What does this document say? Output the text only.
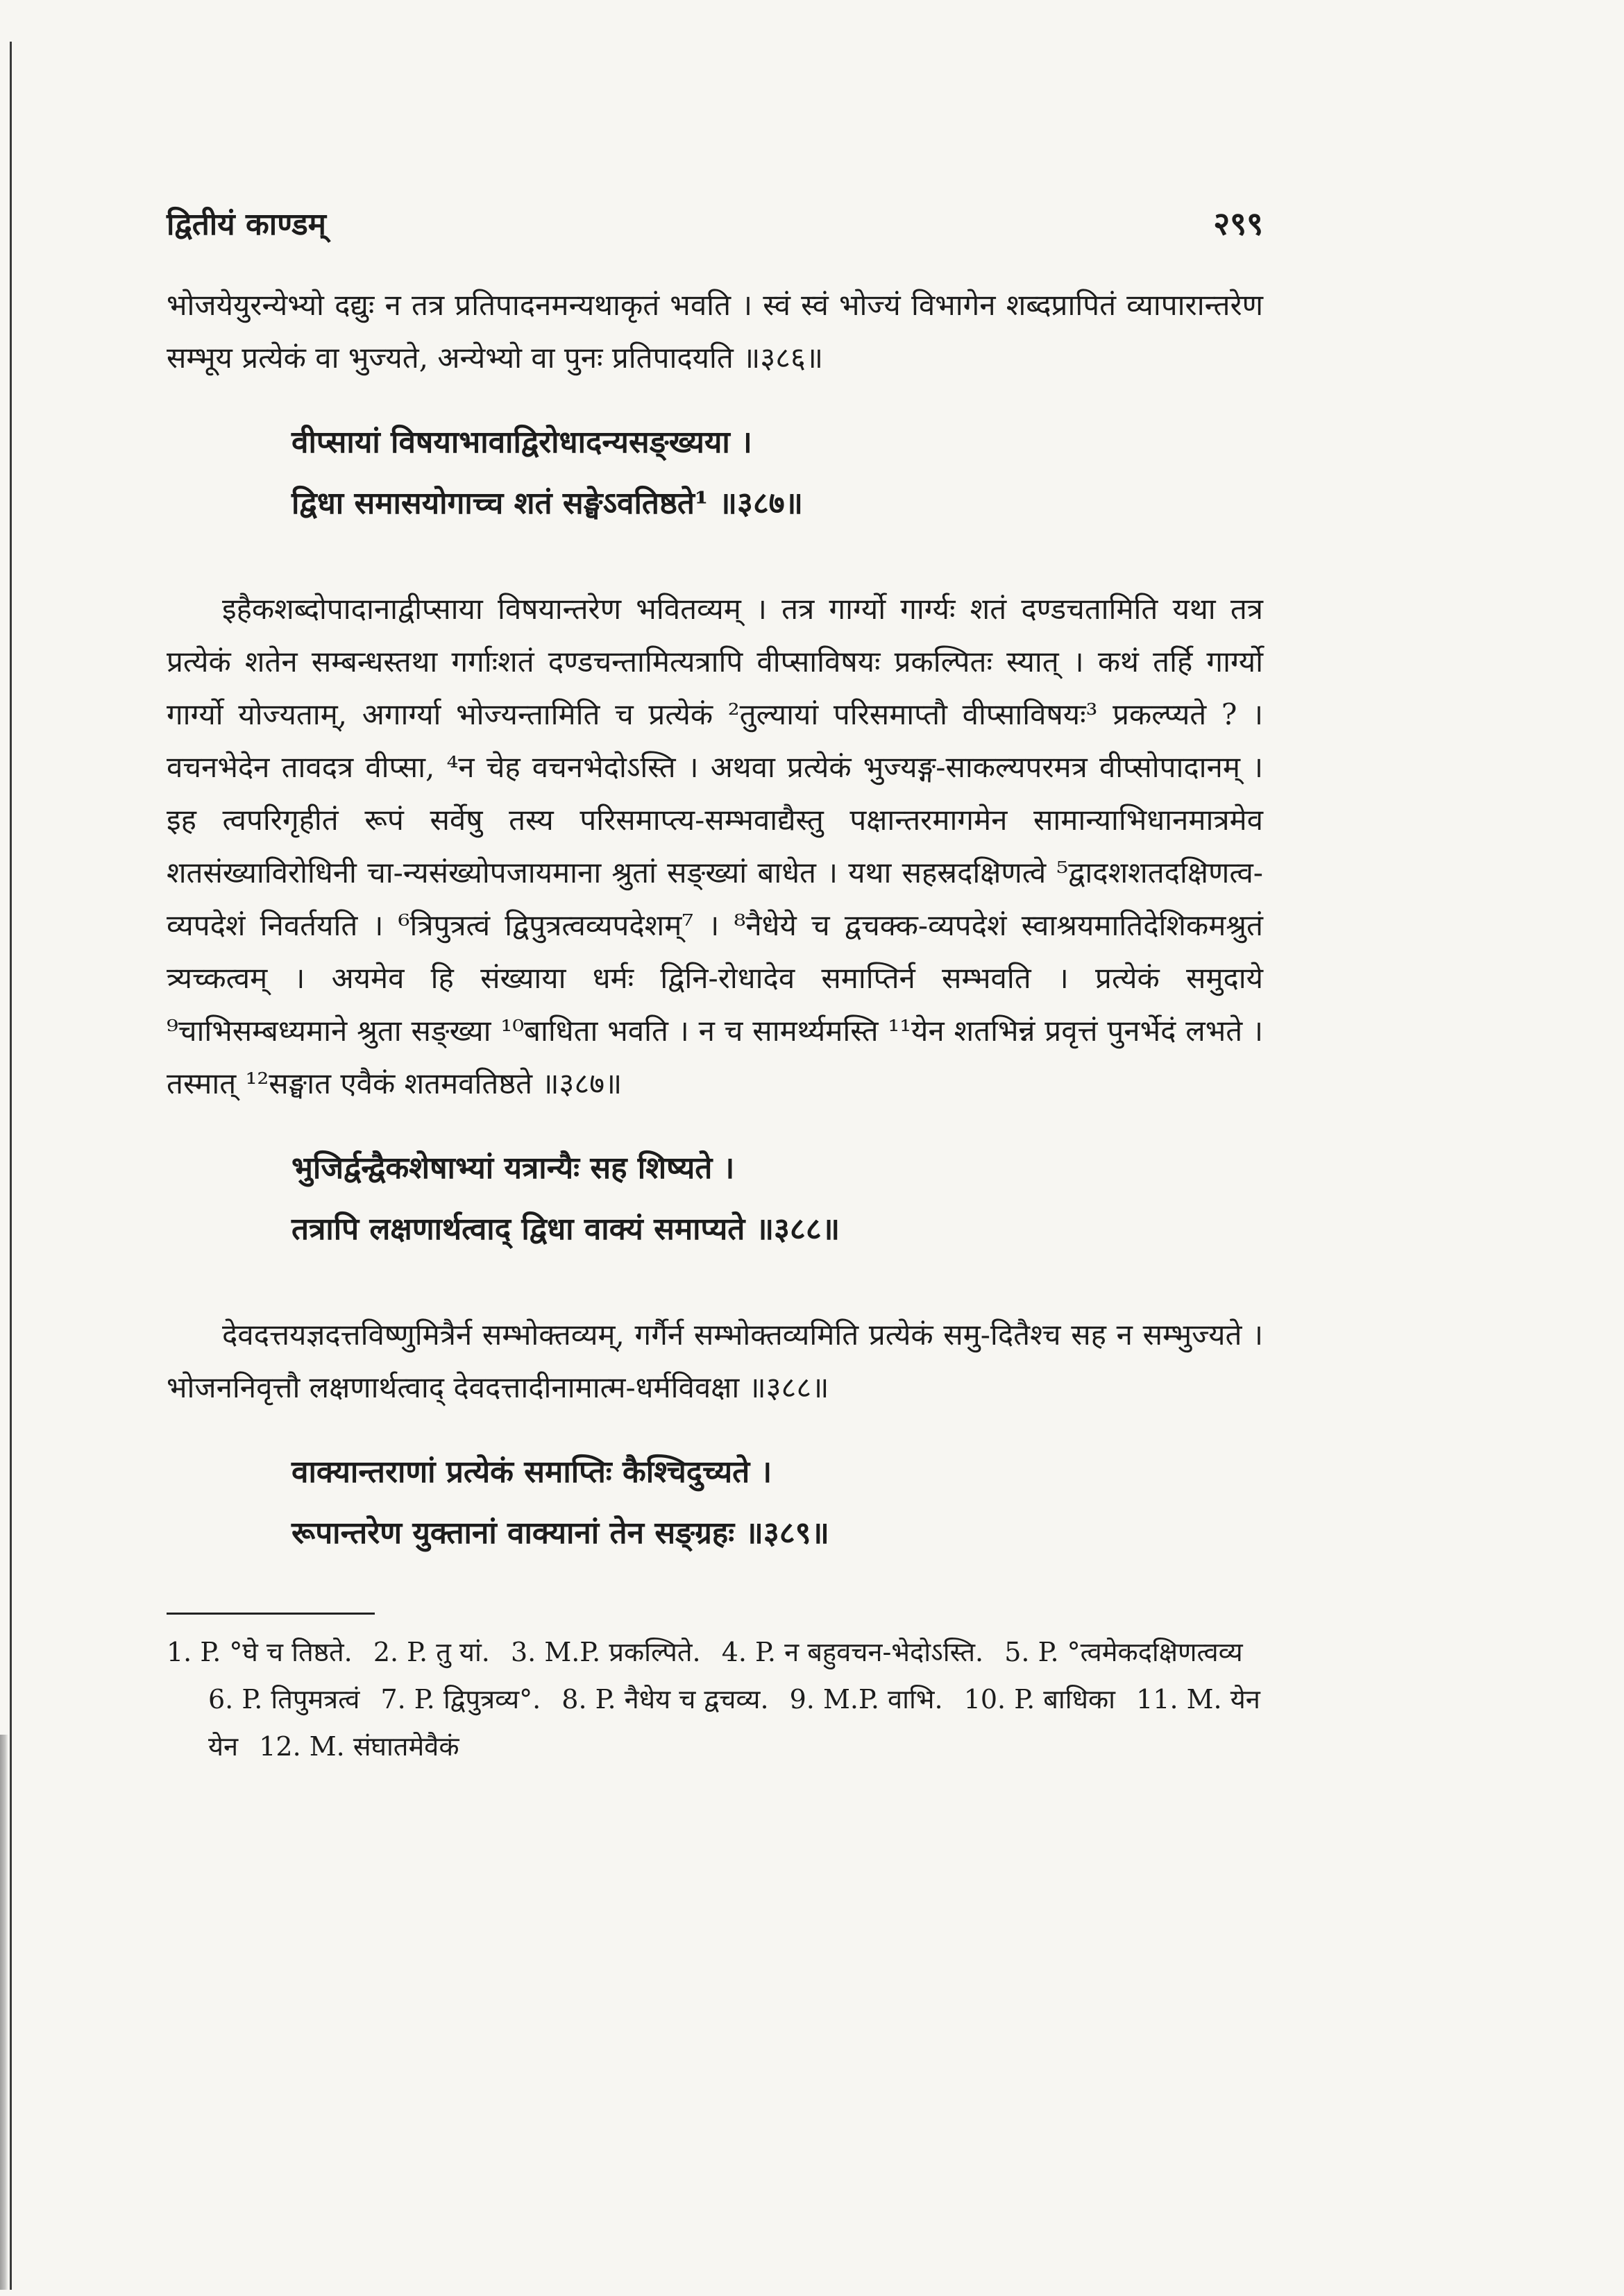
द्वितीयं काण्डम्	२९९

भोजयेयुरन्येभ्यो दद्युः न तत्र प्रतिपादनमन्यथाकृतं भवति । स्वं स्वं भोज्यं विभागेन शब्दप्रापितं व्यापारान्तरेण सम्भूय प्रत्येकं वा भुज्यते, अन्येभ्यो वा पुनः प्रतिपादयति ॥३८६॥

वीप्सायां विषयाभावाद्विरोधादन्यसङ्ख्यया ।
द्विधा समासयोगाच्च शतं सङ्घेऽवतिष्ठते¹ ॥३८७॥

इहैकशब्दोपादानाद्वीप्साया विषयान्तरेण भवितव्यम् । तत्र गार्ग्यो गार्ग्यः शतं दण्डचतामिति यथा तत्र प्रत्येकं शतेन सम्बन्धस्तथा गर्गाःशतं दण्डचन्तामित्यत्रापि वीप्साविषयः प्रकल्पितः स्यात् । कथं तर्हि गार्ग्यो गार्ग्यो योज्यताम्, अगार्ग्या भोज्यन्तामिति च प्रत्येकं ²तुल्यायां परिसमाप्तौ वीप्साविषयः³ प्रकल्प्यते ? । वचनभेदेन तावदत्र वीप्सा, ⁴न चेह वचनभेदोऽस्ति । अथवा प्रत्येकं भुज्यङ्ग-साकल्यपरमत्र वीप्सोपादानम् । इह त्वपरिगृहीतं रूपं सर्वेषु तस्य परिसमाप्त्य-सम्भवाद्यैस्तु पक्षान्तरमागमेन सामान्याभिधानमात्रमेव शतसंख्याविरोधिनी चा-न्यसंख्योपजायमाना श्रुतां सङ्ख्यां बाधेत । यथा सहस्रदक्षिणत्वे ⁵द्वादशशतदक्षिणत्व-व्यपदेशं निवर्तयति । ⁶त्रिपुत्रत्वं द्विपुत्रत्वव्यपदेशम्⁷ । ⁸नैधेये च द्वचक्क-व्यपदेशं स्वाश्रयमातिदेशिकमश्रुतं त्र्यच्कत्वम् । अयमेव हि संख्याया धर्मः द्विनि-रोधादेव समाप्तिर्न सम्भवति । प्रत्येकं समुदाये ⁹चाभिसम्बध्यमाने श्रुता सङ्ख्या ¹⁰बाधिता भवति । न च सामर्थ्यमस्ति ¹¹येन शतभिन्नं प्रवृत्तं पुनर्भेदं लभते । तस्मात् ¹²सङ्घात एवैकं शतमवतिष्ठते ॥३८७॥

भुजिर्द्वन्द्वैकशेषाभ्यां यत्रान्यैः सह शिष्यते ।
तत्रापि लक्षणार्थत्वाद् द्विधा वाक्यं समाप्यते ॥३८८॥

देवदत्तयज्ञदत्तविष्णुमित्रैर्न सम्भोक्तव्यम्, गर्गैर्न सम्भोक्तव्यमिति प्रत्येकं समु-दितैश्च सह न सम्भुज्यते । भोजननिवृत्तौ लक्षणार्थत्वाद् देवदत्तादीनामात्म-धर्मविवक्षा ॥३८८॥

वाक्यान्तराणां प्रत्येकं समाप्तिः कैश्चिदुच्यते ।
रूपान्तरेण युक्तानां वाक्यानां तेन सङ्ग्रहः ॥३८९॥
1. P. °घे च तिष्ठते. 2. P. तु यां. 3. M.P. प्रकल्पिते. 4. P. न बहुवचन-भेदोऽस्ति. 5. P. °त्वमेकदक्षिणत्वव्य 6. P. तिपुमत्रत्वं 7. P. द्विपुत्रव्य°. 8. P. नैधेय च द्वचव्य. 9. M.P. वाभि. 10. P. बाधिका 11. M. येन येन 12. M. संघातमेवैकं
